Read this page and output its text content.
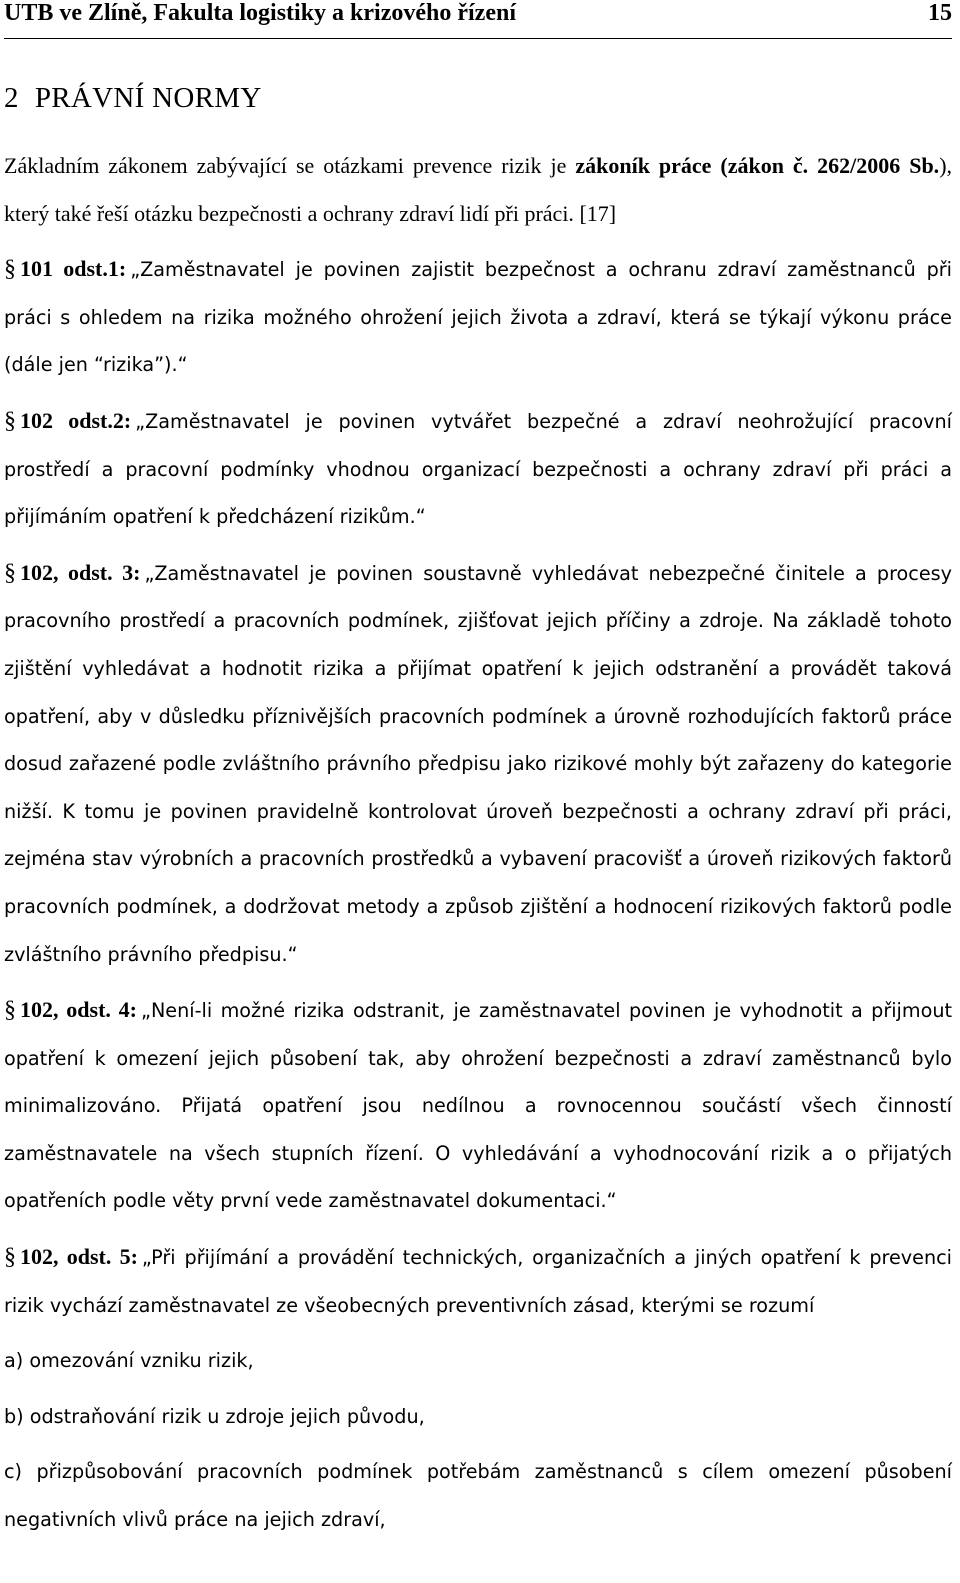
UTB ve Zlíně, Fakulta logistiky a krizového řízení	15
2 PRÁVNÍ NORMY

Základním zákonem zabývající se otázkami prevence rizik je zákoník práce (zákon č. 262/2006 Sb.), který také řeší otázku bezpečnosti a ochrany zdraví lidí při práci. [17]

§ 101 odst.1: „Zaměstnavatel je povinen zajistit bezpečnost a ochranu zdraví zaměstnanců při práci s ohledem na rizika možného ohrožení jejich života a zdraví, která se týkají výkonu práce (dále jen “rizika”).“

§ 102 odst.2: „Zaměstnavatel je povinen vytvářet bezpečné a zdraví neohrožující pracovní prostředí a pracovní podmínky vhodnou organizací bezpečnosti a ochrany zdraví při práci a přijímáním opatření k předcházení rizikům.“

§ 102, odst. 3: „Zaměstnavatel je povinen soustavně vyhledávat nebezpečné činitele a procesy pracovního prostředí a pracovních podmínek, zjišťovat jejich příčiny a zdroje. Na základě tohoto zjištění vyhledávat a hodnotit rizika a přijímat opatření k jejich odstranění a provádět taková opatření, aby v důsledku příznivějších pracovních podmínek a úrovně rozhodujících faktorů práce dosud zařazené podle zvláštního právního předpisu jako rizikové mohly být zařazeny do kategorie nižší. K tomu je povinen pravidelně kontrolovat úroveň bezpečnosti a ochrany zdraví při práci, zejména stav výrobních a pracovních prostředků a vybavení pracovišť a úroveň rizikových faktorů pracovních podmínek, a dodržovat metody a způsob zjištění a hodnocení rizikových faktorů podle zvláštního právního předpisu.“

§ 102, odst. 4: „Není-li možné rizika odstranit, je zaměstnavatel povinen je vyhodnotit a přijmout opatření k omezení jejich působení tak, aby ohrožení bezpečnosti a zdraví zaměstnanců bylo minimalizováno. Přijatá opatření jsou nedílnou a rovnocennou součástí všech činností zaměstnavatele na všech stupních řízení. O vyhledávání a vyhodnocování rizik a o přijatých opatřeních podle věty první vede zaměstnavatel dokumentaci.“

§ 102, odst. 5: „Při přijímání a provádění technických, organizačních a jiných opatření k prevenci rizik vychází zaměstnavatel ze všeobecných preventivních zásad, kterými se rozumí

a) omezování vzniku rizik,

b) odstraňování rizik u zdroje jejich původu,

c) přizpůsobování pracovních podmínek potřebám zaměstnanců s cílem omezení působení negativních vlivů práce na jejich zdraví,
